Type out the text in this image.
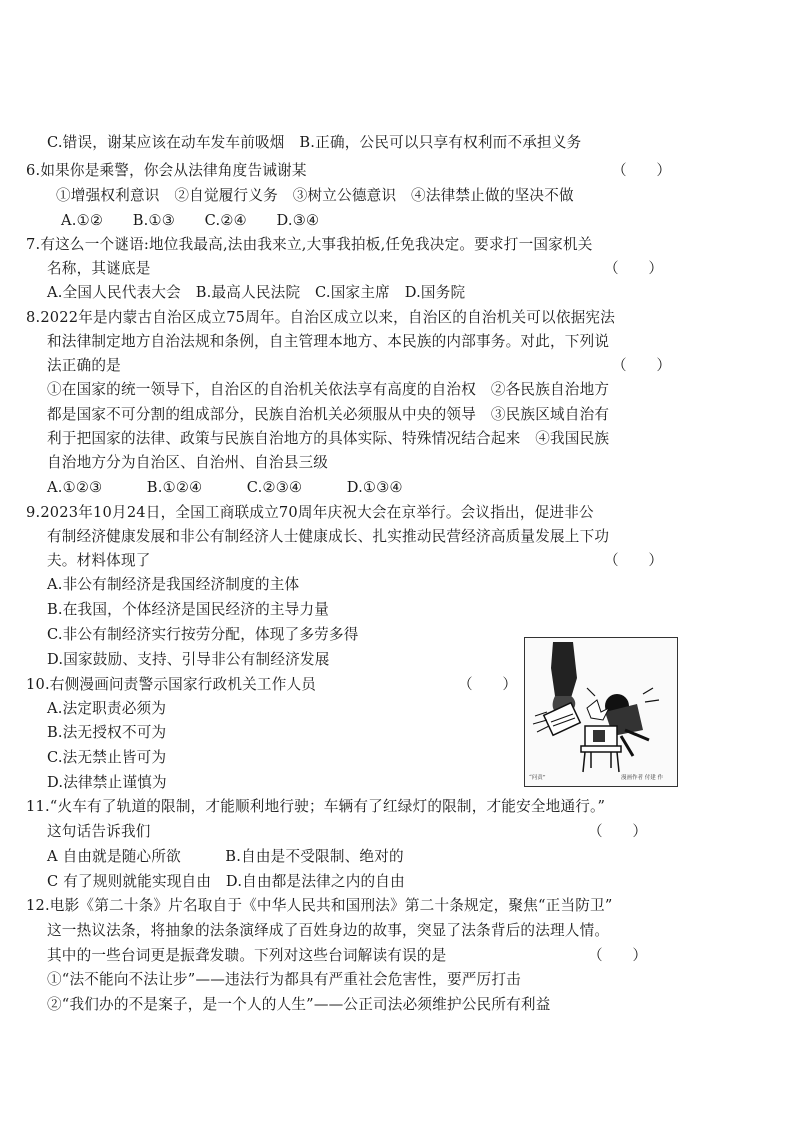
C.错误，谢某应该在动车发车前吸烟　B.正确，公民可以只享有权利而不承担义务
6.如果你是乘警，你会从法律角度告诫谢某	（　　）
①增强权利意识　②自觉履行义务　③树立公德意识　④法律禁止做的坚决不做
A.①②　　B.①③　　C.②④　　D.③④
7.有这么一个谜语:地位我最高,法由我来立,大事我拍板,任免我决定。要求打一国家机关
名称，其谜底是	（　　）
A.全国人民代表大会　B.最高人民法院　C.国家主席　D.国务院
8.2022年是内蒙古自治区成立75周年。自治区成立以来，自治区的自治机关可以依据宪法
和法律制定地方自治法规和条例，自主管理本地方、本民族的内部事务。对此，下列说
法正确的是	（　　）
①在国家的统一领导下，自治区的自治机关依法享有高度的自治权　②各民族自治地方
都是国家不可分割的组成部分，民族自治机关必须服从中央的领导　③民族区域自治有
利于把国家的法律、政策与民族自治地方的具体实际、特殊情况结合起来　④我国民族
自治地方分为自治区、自治州、自治县三级
A.①②③　　　B.①②④　　　C.②③④　　　D.①③④
9.2023年10月24日，全国工商联成立70周年庆祝大会在京举行。会议指出，促进非公
有制经济健康发展和非公有制经济人士健康成长、扎实推动民营经济高质量发展上下功
夫。材料体现了	（　　）
A.非公有制经济是我国经济制度的主体
B.在我国，个体经济是国民经济的主导力量
C.非公有制经济实行按劳分配，体现了多劳多得
D.国家鼓励、支持、引导非公有制经济发展
10.右侧漫画问责警示国家行政机关工作人员	（　　）
A.法定职责必须为
B.法无授权不可为
C.法无禁止皆可为
D.法律禁止谨慎为	“问责”	漫画作者 付建 作
11.“火车有了轨道的限制，才能顺利地行驶；车辆有了红绿灯的限制，才能安全地通行。”
这句话告诉我们	（　　）
A 自由就是随心所欲　　　B.自由是不受限制、绝对的
C 有了规则就能实现自由　D.自由都是法律之内的自由
12.电影《第二十条》片名取自于《中华人民共和国刑法》第二十条规定，聚焦“正当防卫”
这一热议法条，将抽象的法条演绎成了百姓身边的故事，突显了法条背后的法理人情。
其中的一些台词更是振聋发聩。下列对这些台词解读有误的是	（　　）
①“法不能向不法让步”——违法行为都具有严重社会危害性，要严厉打击
②“我们办的不是案子，是一个人的人生”——公正司法必须维护公民所有利益
